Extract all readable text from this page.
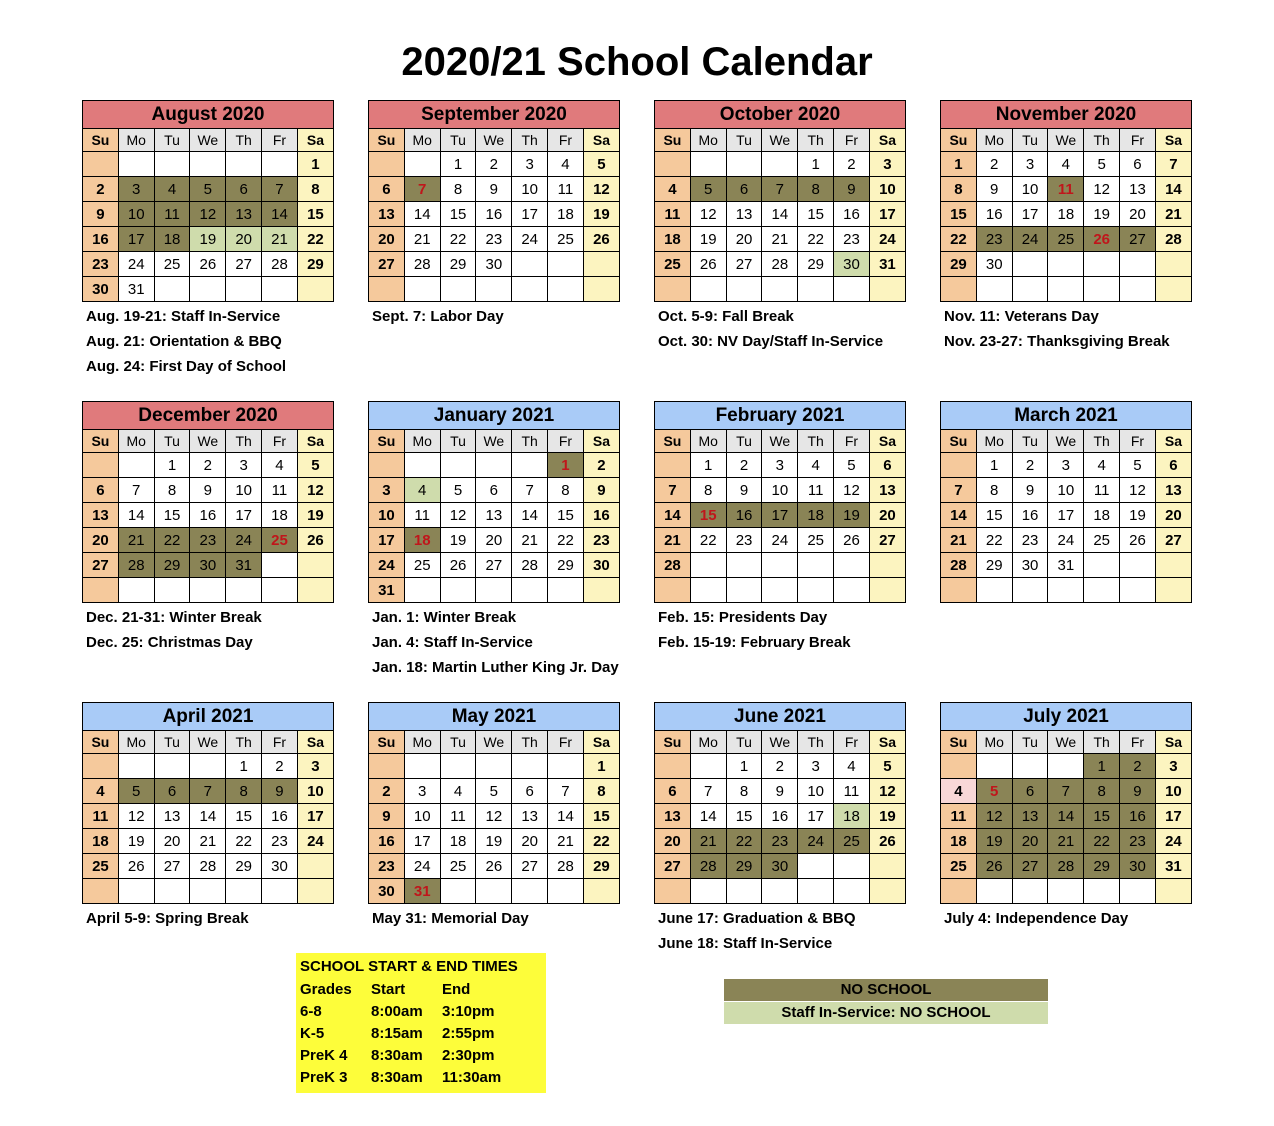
2020/21 School Calendar
August 2020						
Su	Mo	Tu	We	Th	Fr	Sa
						1
2	3	4	5	6	7	8
9	10	11	12	13	14	15
16	17	18	19	20	21	22
23	24	25	26	27	28	29
30	31					
Aug. 19-21: Staff In-Service
Aug. 21: Orientation & BBQ
Aug. 24: First Day of School
September 2020						
Su	Mo	Tu	We	Th	Fr	Sa
		1	2	3	4	5
6	7	8	9	10	11	12
13	14	15	16	17	18	19
20	21	22	23	24	25	26
27	28	29	30			

Sept. 7: Labor Day
October 2020						
Su	Mo	Tu	We	Th	Fr	Sa
				1	2	3
4	5	6	7	8	9	10
11	12	13	14	15	16	17
18	19	20	21	22	23	24
25	26	27	28	29	30	31

Oct. 5-9: Fall Break
Oct. 30: NV Day/Staff In-Service
November 2020						
Su	Mo	Tu	We	Th	Fr	Sa
1	2	3	4	5	6	7
8	9	10	11	12	13	14
15	16	17	18	19	20	21
22	23	24	25	26	27	28
29	30					

Nov. 11: Veterans Day
Nov. 23-27: Thanksgiving Break
December 2020						
Su	Mo	Tu	We	Th	Fr	Sa
		1	2	3	4	5
6	7	8	9	10	11	12
13	14	15	16	17	18	19
20	21	22	23	24	25	26
27	28	29	30	31		

Dec. 21-31: Winter Break
Dec. 25: Christmas Day
January 2021						
Su	Mo	Tu	We	Th	Fr	Sa
					1	2
3	4	5	6	7	8	9
10	11	12	13	14	15	16
17	18	19	20	21	22	23
24	25	26	27	28	29	30
31						
Jan. 1: Winter Break
Jan. 4: Staff In-Service
Jan. 18: Martin Luther King Jr. Day
February 2021						
Su	Mo	Tu	We	Th	Fr	Sa
	1	2	3	4	5	6
7	8	9	10	11	12	13
14	15	16	17	18	19	20
21	22	23	24	25	26	27
28						

Feb. 15: Presidents Day
Feb. 15-19: February Break
March 2021						
Su	Mo	Tu	We	Th	Fr	Sa
	1	2	3	4	5	6
7	8	9	10	11	12	13
14	15	16	17	18	19	20
21	22	23	24	25	26	27
28	29	30	31			

April 2021						
Su	Mo	Tu	We	Th	Fr	Sa
				1	2	3
4	5	6	7	8	9	10
11	12	13	14	15	16	17
18	19	20	21	22	23	24
25	26	27	28	29	30	

April 5-9: Spring Break
May 2021						
Su	Mo	Tu	We	Th	Fr	Sa
						1
2	3	4	5	6	7	8
9	10	11	12	13	14	15
16	17	18	19	20	21	22
23	24	25	26	27	28	29
30	31					
May 31: Memorial Day
June 2021						
Su	Mo	Tu	We	Th	Fr	Sa
		1	2	3	4	5
6	7	8	9	10	11	12
13	14	15	16	17	18	19
20	21	22	23	24	25	26
27	28	29	30			

June 17: Graduation & BBQ
June 18: Staff In-Service
July 2021						
Su	Mo	Tu	We	Th	Fr	Sa
				1	2	3
4	5	6	7	8	9	10
11	12	13	14	15	16	17
18	19	20	21	22	23	24
25	26	27	28	29	30	31

July 4: Independence Day
SCHOOL START & END TIMES
Grades	Start	End
6-8	8:00am	3:10pm
K-5	8:15am	2:55pm
PreK 4	8:30am	2:30pm
PreK 3	8:30am	11:30am
NO SCHOOL
Staff In-Service: NO SCHOOL
